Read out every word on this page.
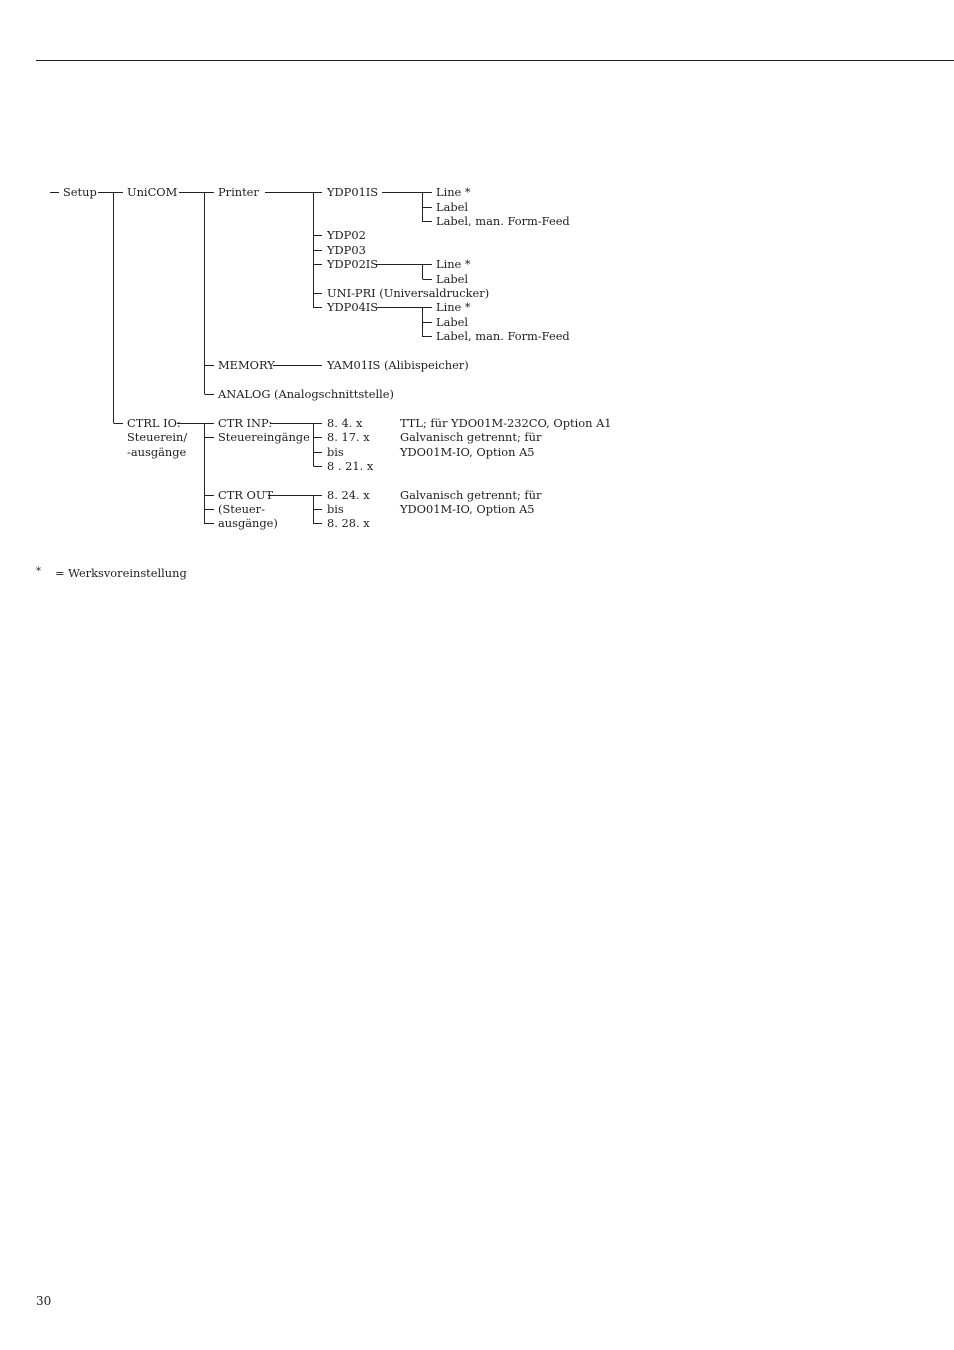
Setup	UniCOM
CTRL IO:
Steuerein/
-ausgänge
Printer
MEMORY
ANALOG (Analogschnittstelle)
CTR INP:
Steuereingänge
CTR OUT
(Steuer-
ausgänge)
YDP01IS
YDP02
YDP03
YDP02IS
UNI-PRI (Universaldrucker)
YDP04IS
YAM01IS (Alibispeicher)
Line *
Label
Label, man. Form-Feed
Line *
Label
Line *
Label
Label, man. Form-Feed
8. 4. x
8. 17. x
bis
8 . 21. x
TTL; für YDO01M-232CO, Option A1
Galvanisch getrennt; für
YDO01M-IO, Option A5
8. 24. x
bis
8. 28. x
Galvanisch getrennt; für
YDO01M-IO, Option A5
* = Werksvoreinstellung
30
